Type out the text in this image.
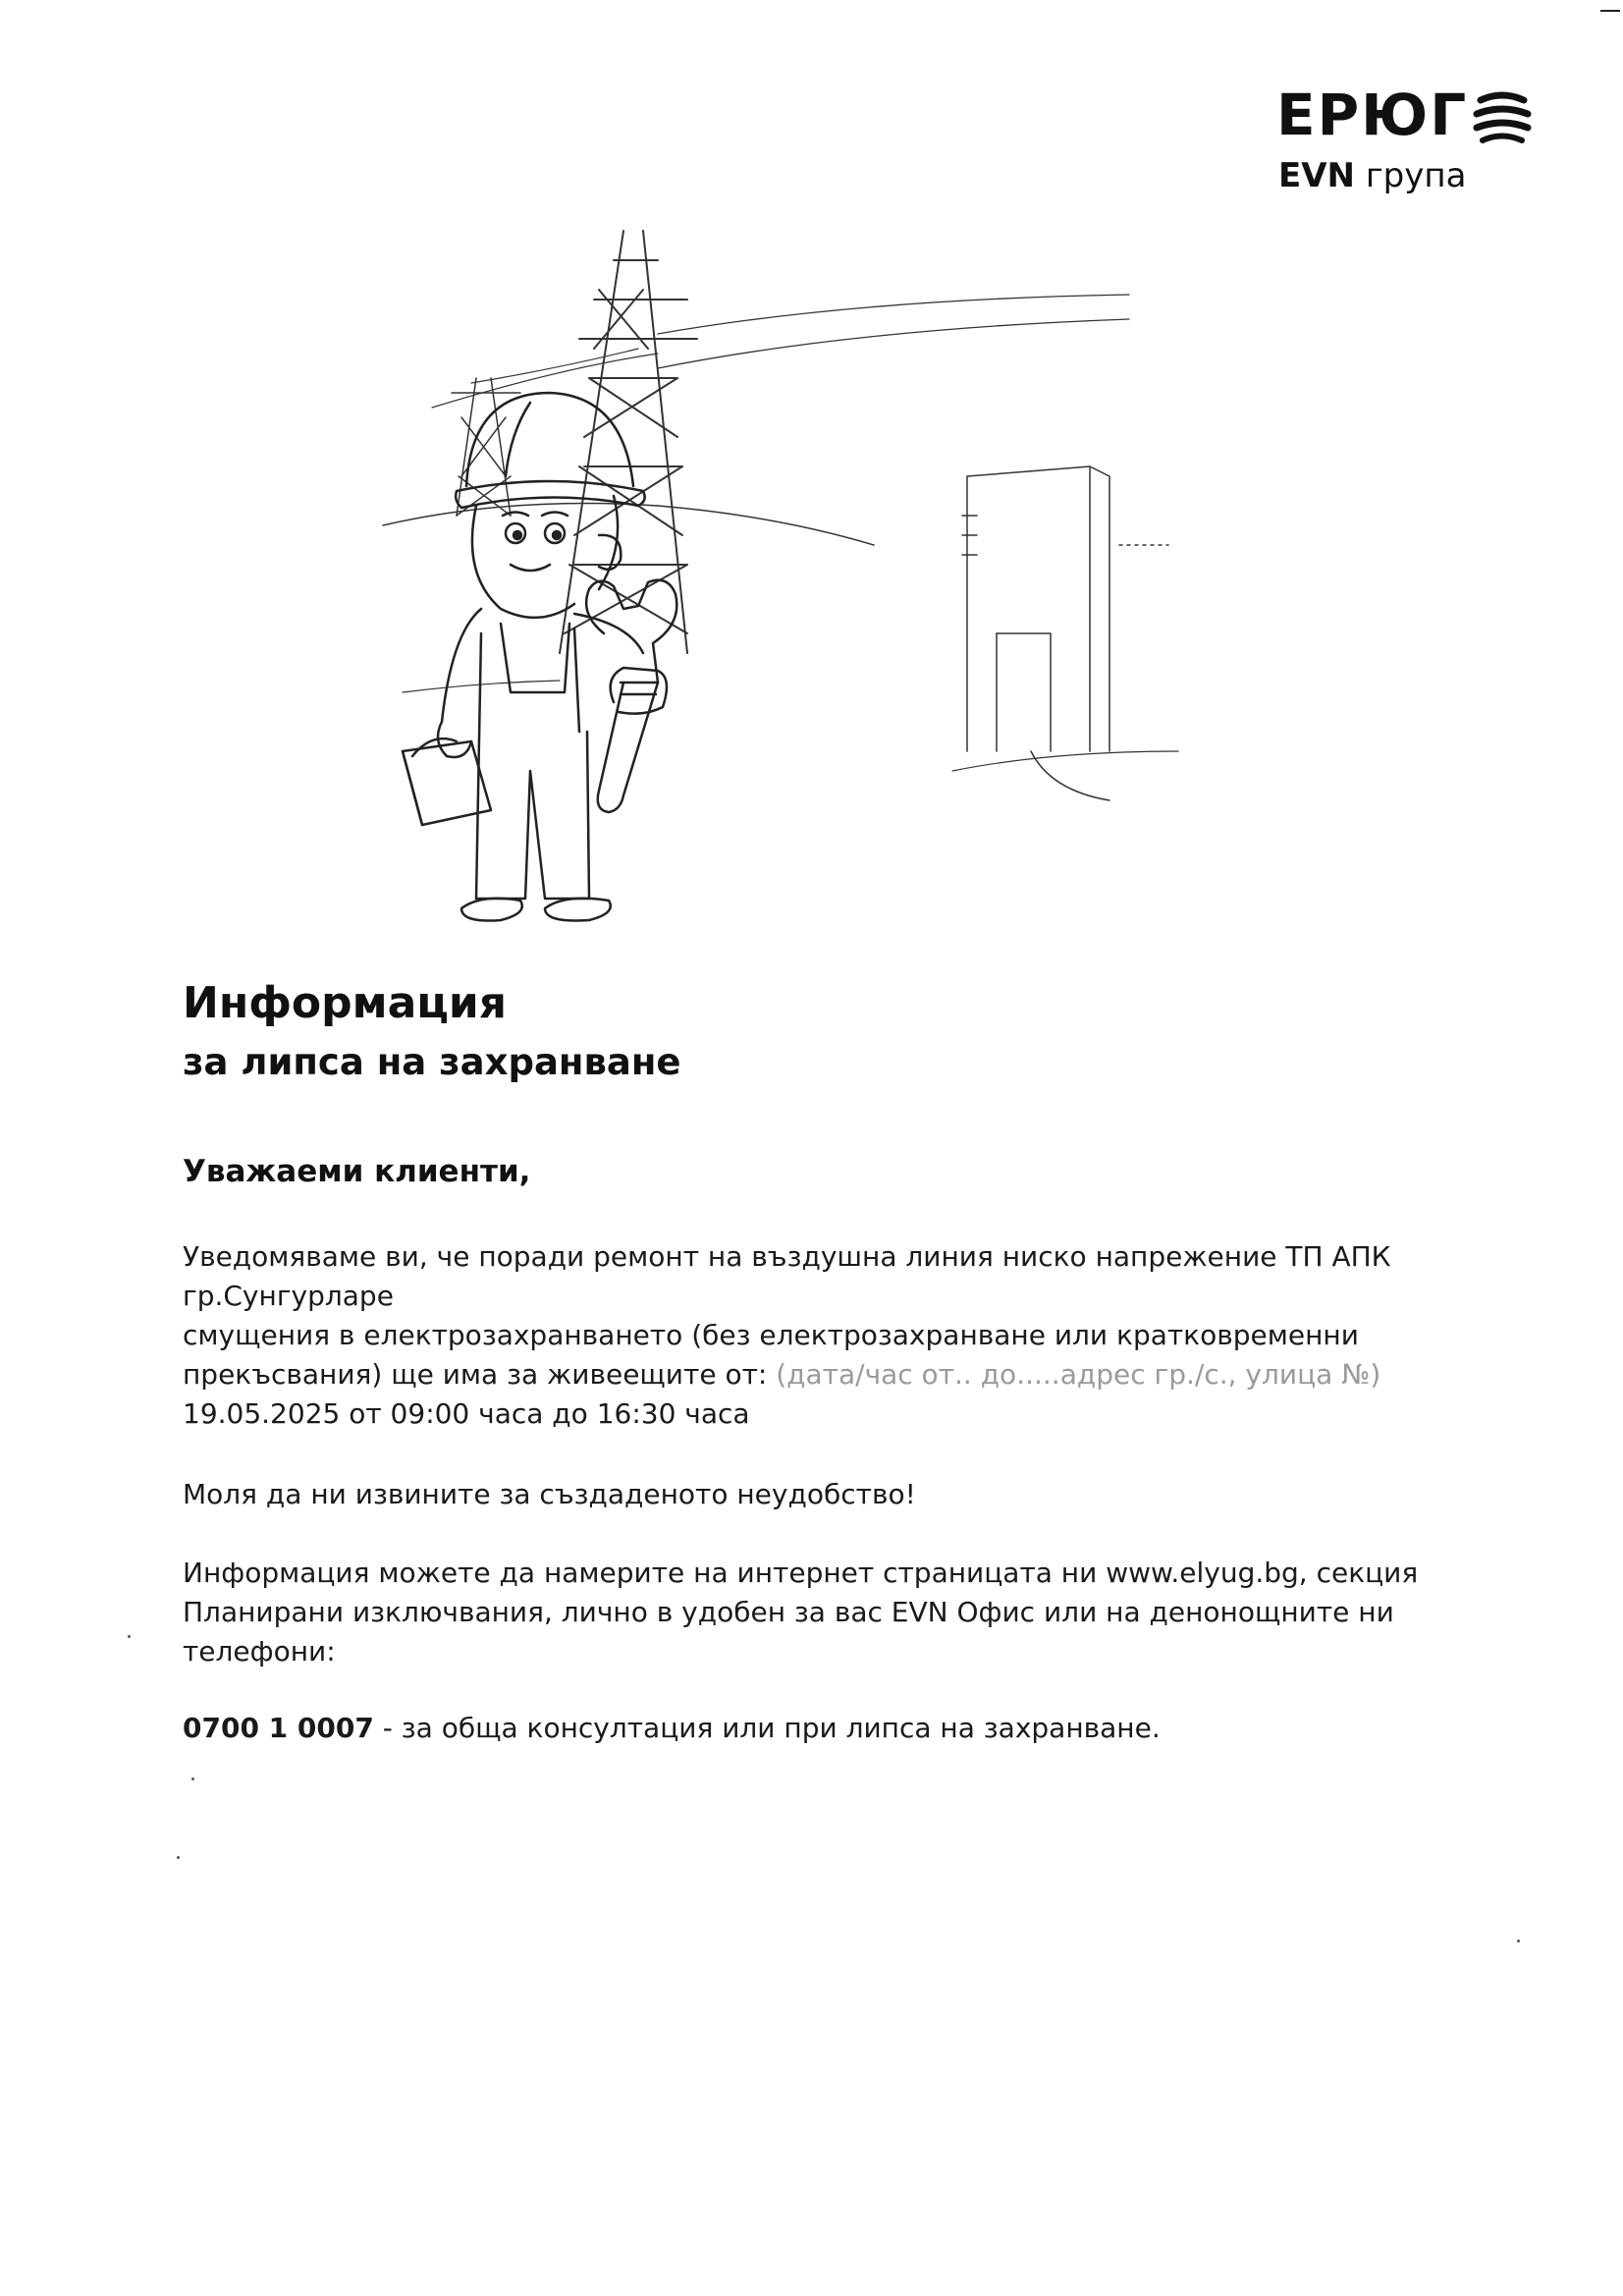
ЕРЮГ
EVN група
Информация
за липса на захранване
Уважаеми клиенти,
Уведомяваме ви, че поради ремонт на въздушна линия ниско напрежение ТП АПК
гр.Сунгурларе
смущения в електрозахранването (без електрозахранване или кратковременни
прекъсвания) ще има за живеещите от: (дата/час от.. до.....адрес гр./с., улица №)
19.05.2025 от 09:00 часа до 16:30 часа
Моля да ни извините за създаденото неудобство!
Информация можете да намерите на интернет страницата ни www.elyug.bg, секция
Планирани изключвания, лично в удобен за вас EVN Офис или на денонощните ни
телефони:
0700 1 0007 - за обща консултация или при липса на захранване.
